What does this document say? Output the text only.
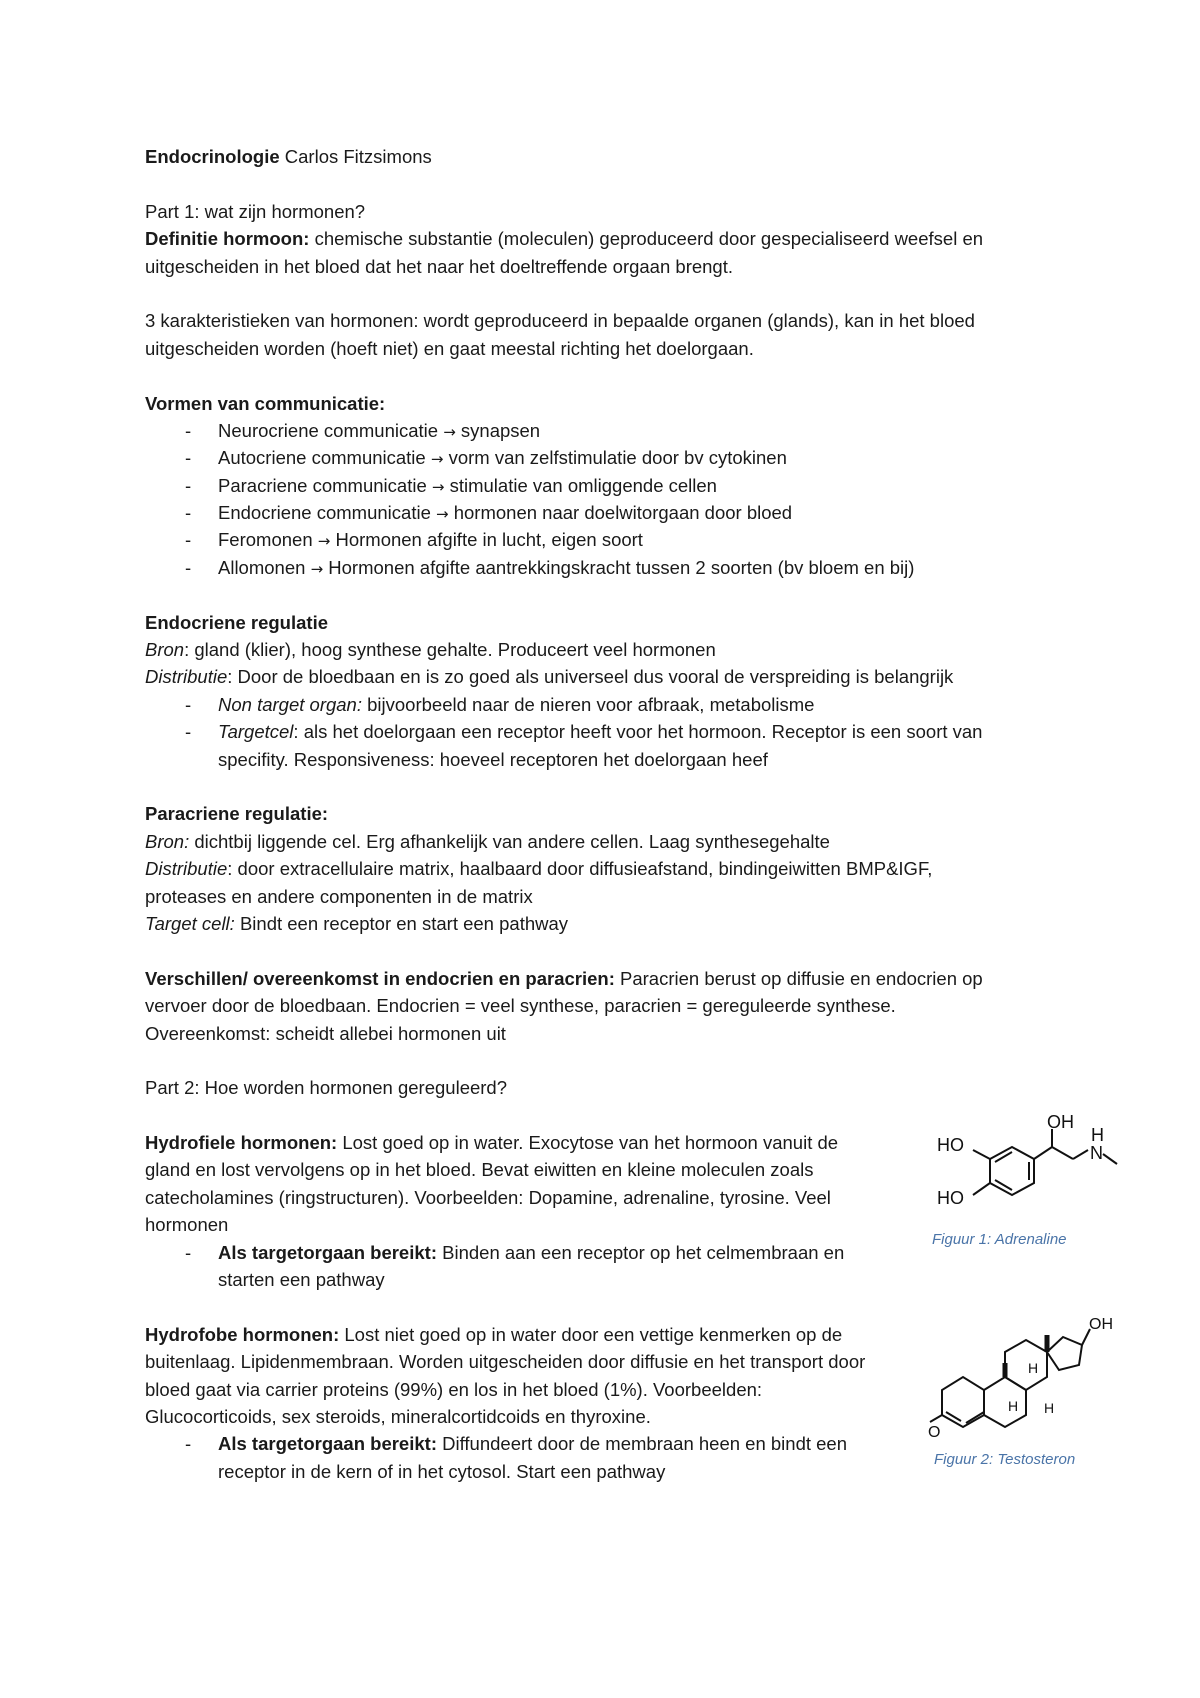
Endocrinologie Carlos Fitzsimons
Part 1: wat zijn hormonen?
Definitie hormoon: chemische substantie (moleculen) geproduceerd door gespecialiseerd weefsel en
uitgescheiden in het bloed dat het naar het doeltreffende orgaan brengt.
3 karakteristieken van hormonen: wordt geproduceerd in bepaalde organen (glands), kan in het bloed
uitgescheiden worden (hoeft niet) en gaat meestal richting het doelorgaan.
Vormen van communicatie:
- Neurocriene communicatie → synapsen
- Autocriene communicatie → vorm van zelfstimulatie door bv cytokinen
- Paracriene communicatie → stimulatie van omliggende cellen
- Endocriene communicatie → hormonen naar doelwitorgaan door bloed
- Feromonen → Hormonen afgifte in lucht, eigen soort
- Allomonen → Hormonen afgifte aantrekkingskracht tussen 2 soorten (bv bloem en bij)
Endocriene regulatie
Bron: gland (klier), hoog synthese gehalte. Produceert veel hormonen
Distributie: Door de bloedbaan en is zo goed als universeel dus vooral de verspreiding is belangrijk
- Non target organ: bijvoorbeeld naar de nieren voor afbraak, metabolisme
- Targetcel: als het doelorgaan een receptor heeft voor het hormoon. Receptor is een soort van
specifity. Responsiveness: hoeveel receptoren het doelorgaan heef
Paracriene regulatie:
Bron: dichtbij liggende cel. Erg afhankelijk van andere cellen. Laag synthesegehalte
Distributie: door extracellulaire matrix, haalbaard door diffusieafstand, bindingeiwitten BMP&IGF,
proteases en andere componenten in de matrix
Target cell: Bindt een receptor en start een pathway
Verschillen/ overeenkomst in endocrien en paracrien: Paracrien berust op diffusie en endocrien op
vervoer door de bloedbaan. Endocrien = veel synthese, paracrien = gereguleerde synthese.
Overeenkomst: scheidt allebei hormonen uit
Part 2: Hoe worden hormonen gereguleerd?
Hydrofiele hormonen: Lost goed op in water. Exocytose van het hormoon vanuit de
gland en lost vervolgens op in het bloed. Bevat eiwitten en kleine moleculen zoals
catecholamines (ringstructuren). Voorbeelden: Dopamine, adrenaline, tyrosine. Veel
hormonen
- Als targetorgaan bereikt: Binden aan een receptor op het celmembraan en
starten een pathway
Hydrofobe hormonen: Lost niet goed op in water door een vettige kenmerken op de
buitenlaag. Lipidenmembraan. Worden uitgescheiden door diffusie en het transport door
bloed gaat via carrier proteins (99%) en los in het bloed (1%). Voorbeelden:
Glucocorticoids, sex steroids, mineralcortidcoids en thyroxine.
- Als targetorgaan bereikt: Diffundeert door de membraan heen en bindt een
receptor in de kern of in het cytosol. Start een pathway
OH
H
N
HO
HO
Figuur 1: Adrenaline
OH
H
H H
O
Figuur 2: Testosteron
